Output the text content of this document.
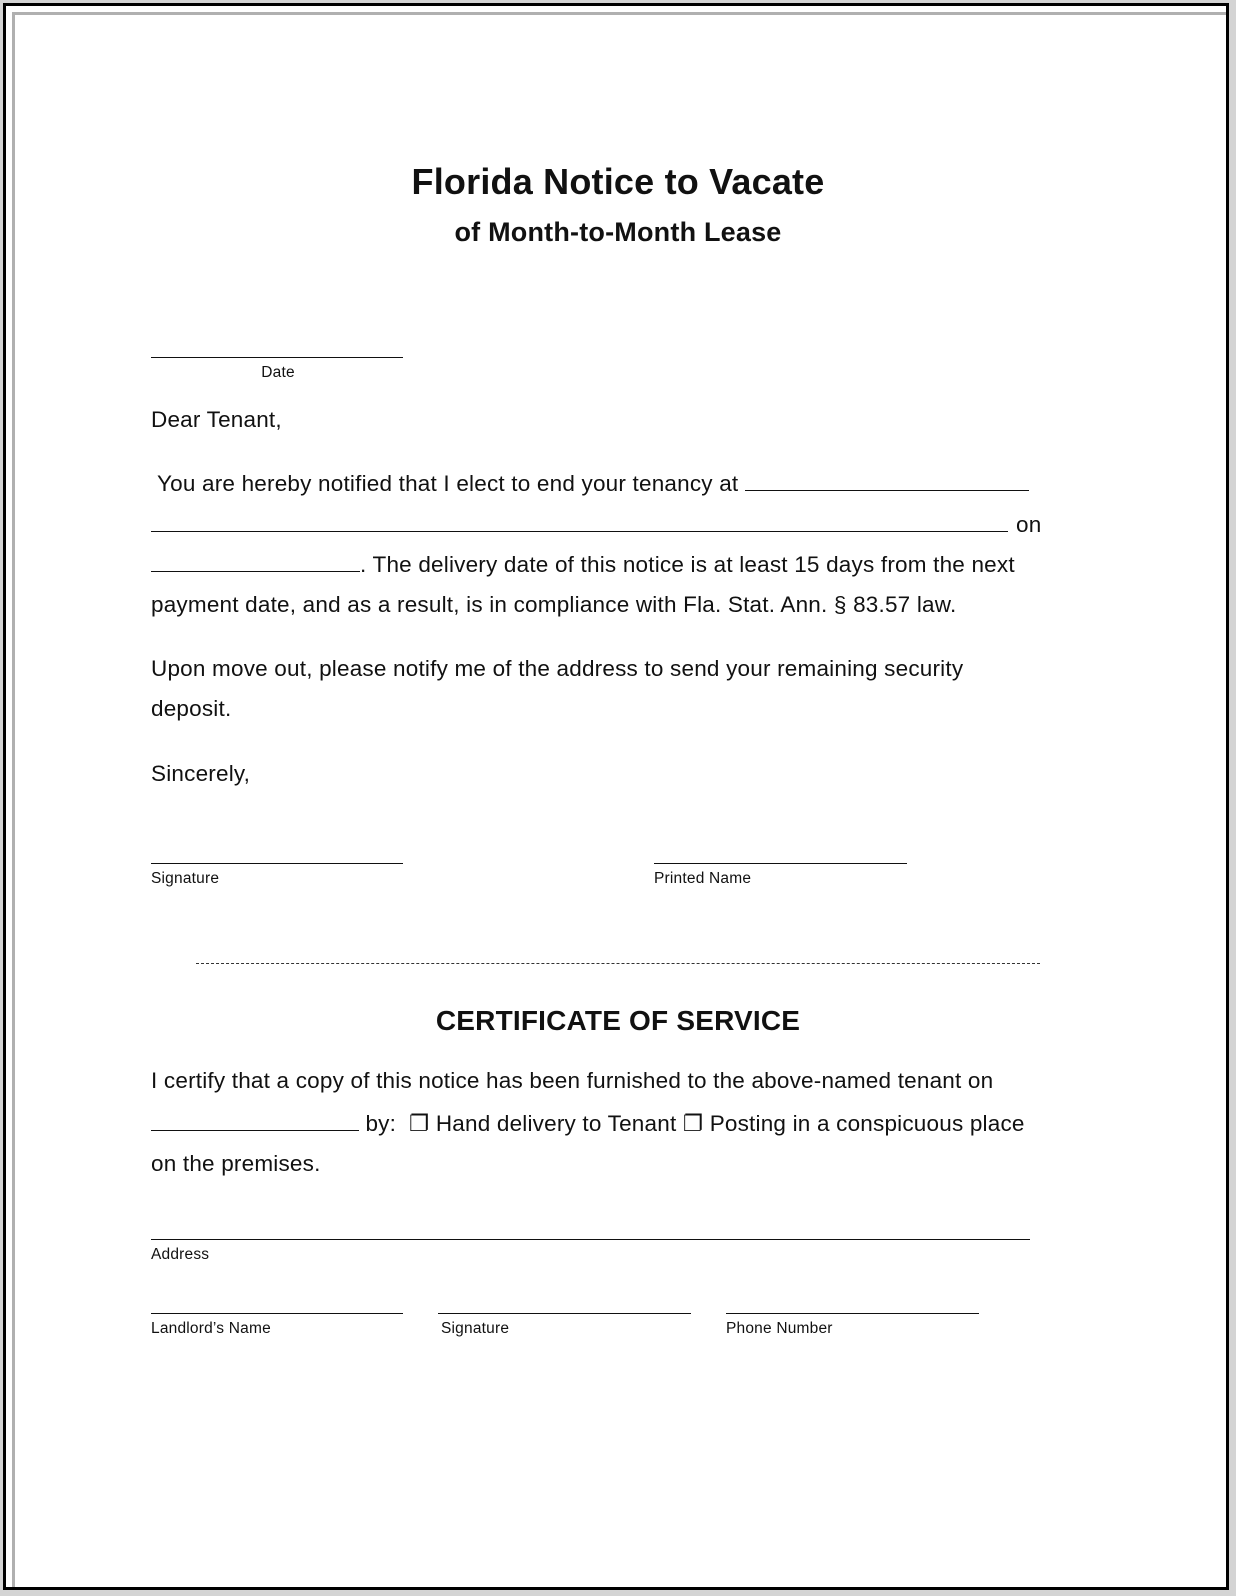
Florida Notice to Vacate
of Month-to-Month Lease
Date
Dear Tenant,
You are hereby notified that I elect to end your tenancy at
on
. The delivery date of this notice is at least 15 days from the next
payment date, and as a result, is in compliance with Fla. Stat. Ann. § 83.57 law.
Upon move out, please notify me of the address to send your remaining security
deposit.
Sincerely,
Signature	Printed Name
CERTIFICATE OF SERVICE
I certify that a copy of this notice has been furnished to the above-named tenant on
by: ❐ Hand delivery to Tenant ❐ Posting in a conspicuous place
on the premises.
Address
Landlord’s Name	Signature	Phone Number
